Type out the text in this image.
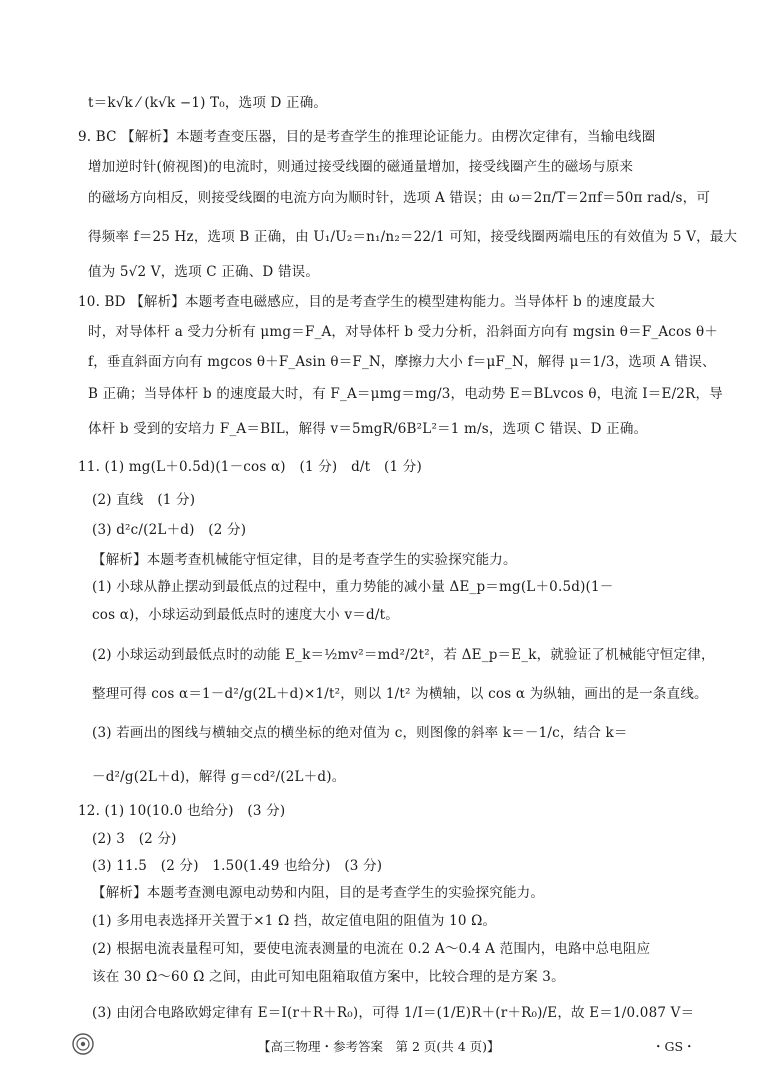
t＝k√k ⁄ (k√k −1) T₀，选项 D 正确。
9. BC 【解析】本题考查变压器，目的是考查学生的推理论证能力。由楞次定律有，当输电线圈
增加逆时针(俯视图)的电流时，则通过接受线圈的磁通量增加，接受线圈产生的磁场与原来
的磁场方向相反，则接受线圈的电流方向为顺时针，选项 A 错误；由 ω＝2π/T＝2πf＝50π rad/s，可
得频率 f＝25 Hz，选项 B 正确，由 U₁/U₂＝n₁/n₂＝22/1 可知，接受线圈两端电压的有效值为 5 V，最大
值为 5√2 V，选项 C 正确、D 错误。
10. BD 【解析】本题考查电磁感应，目的是考查学生的模型建构能力。当导体杆 b 的速度最大
时，对导体杆 a 受力分析有 μmg＝F_A，对导体杆 b 受力分析，沿斜面方向有 mgsin θ＝F_Acos θ＋
f，垂直斜面方向有 mgcos θ＋F_Asin θ＝F_N，摩擦力大小 f＝μF_N，解得 μ＝1/3，选项 A 错误、
B 正确；当导体杆 b 的速度最大时，有 F_A＝μmg＝mg/3，电动势 E＝BLvcos θ，电流 I＝E/2R，导
体杆 b 受到的安培力 F_A＝BIL，解得 v＝5mgR/6B²L²＝1 m/s，选项 C 错误、D 正确。
11. (1) mg(L＋0.5d)(1－cos α)　(1 分)　d/t　(1 分)
(2) 直线　(1 分)
(3) d²c/(2L＋d)　(2 分)
【解析】本题考查机械能守恒定律，目的是考查学生的实验探究能力。
(1) 小球从静止摆动到最低点的过程中，重力势能的减小量 ΔE_p＝mg(L＋0.5d)(1－
cos α)，小球运动到最低点时的速度大小 v＝d/t。
(2) 小球运动到最低点时的动能 E_k＝½mv²＝md²/2t²，若 ΔE_p＝E_k，就验证了机械能守恒定律，
整理可得 cos α＝1－d²/g(2L＋d)×1/t²，则以 1/t² 为横轴，以 cos α 为纵轴，画出的是一条直线。
(3) 若画出的图线与横轴交点的横坐标的绝对值为 c，则图像的斜率 k＝－1/c，结合 k＝
－d²/g(2L＋d)，解得 g＝cd²/(2L＋d)。
12. (1) 10(10.0 也给分)　(3 分)
(2) 3　(2 分)
(3) 11.5　(2 分)　1.50(1.49 也给分)　(3 分)
【解析】本题考查测电源电动势和内阻，目的是考查学生的实验探究能力。
(1) 多用电表选择开关置于×1 Ω 挡，故定值电阻的阻值为 10 Ω。
(2) 根据电流表量程可知，要使电流表测量的电流在 0.2 A～0.4 A 范围内，电路中总电阻应
该在 30 Ω～60 Ω 之间，由此可知电阻箱取值方案中，比较合理的是方案 3。
(3) 由闭合电路欧姆定律有 E＝I(r＋R＋R₀)，可得 1/I＝(1/E)R＋(r＋R₀)/E，故 E＝1/0.087 V＝
【高三物理・参考答案　第 2 页(共 4 页)】	・GS・
